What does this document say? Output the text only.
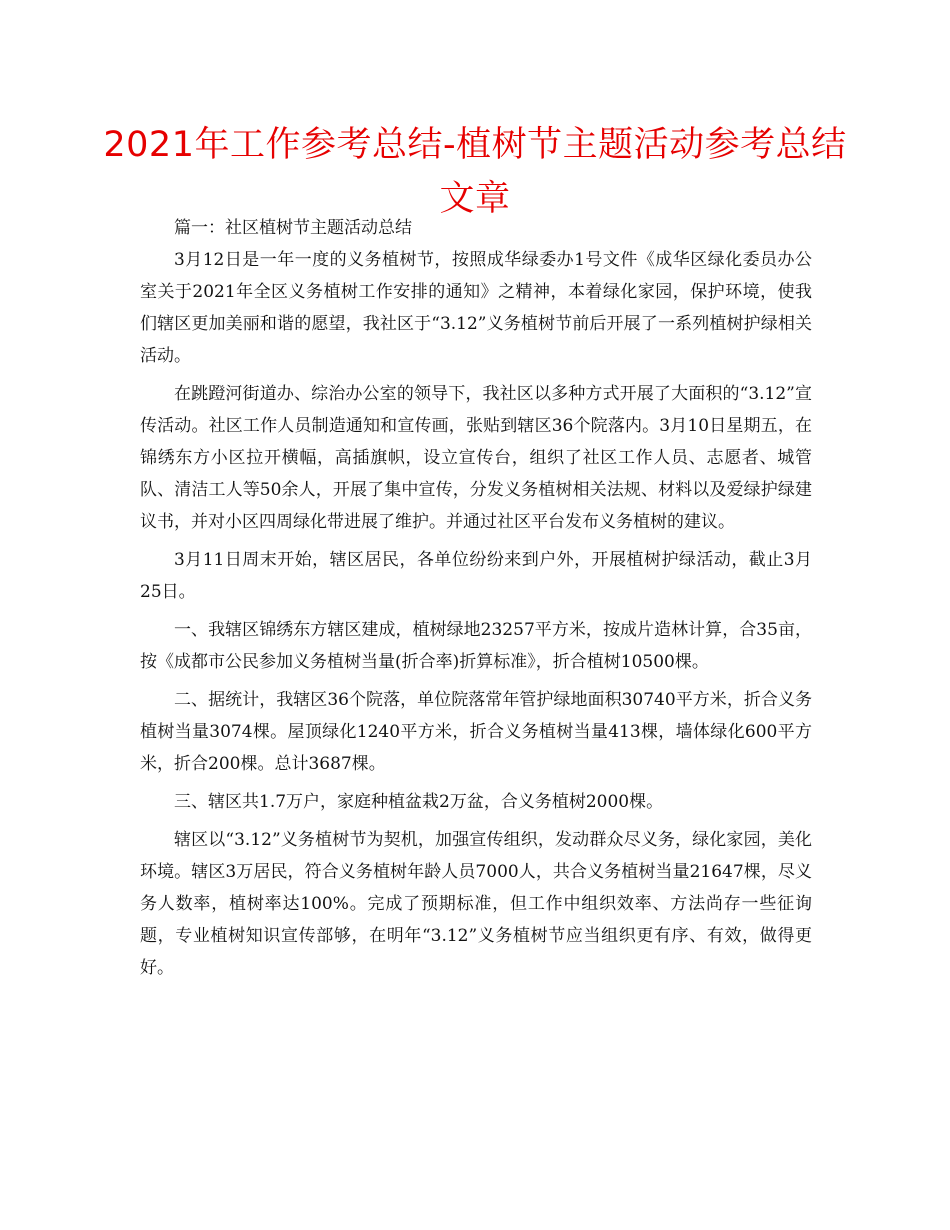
2021年工作参考总结-植树节主题活动参考总结文章

篇一：社区植树节主题活动总结

3月12日是一年一度的义务植树节，按照成华绿委办1号文件《成华区绿化委员办公室关于2021年全区义务植树工作安排的通知》之精神，本着绿化家园，保护环境，使我们辖区更加美丽和谐的愿望，我社区于“3.12”义务植树节前后开展了一系列植树护绿相关活动。

在跳蹬河街道办、综治办公室的领导下，我社区以多种方式开展了大面积的“3.12”宣传活动。社区工作人员制造通知和宣传画，张贴到辖区36个院落内。3月10日星期五，在锦绣东方小区拉开横幅，高插旗帜，设立宣传台，组织了社区工作人员、志愿者、城管队、清洁工人等50余人，开展了集中宣传，分发义务植树相关法规、材料以及爱绿护绿建议书，并对小区四周绿化带进展了维护。并通过社区平台发布义务植树的建议。

3月11日周末开始，辖区居民，各单位纷纷来到户外，开展植树护绿活动，截止3月25日。

一、我辖区锦绣东方辖区建成，植树绿地23257平方米，按成片造林计算，合35亩，按《成都市公民参加义务植树当量(折合率)折算标准》，折合植树10500棵。

二、据统计，我辖区36个院落，单位院落常年管护绿地面积30740平方米，折合义务植树当量3074棵。屋顶绿化1240平方米，折合义务植树当量413棵，墙体绿化600平方米，折合200棵。总计3687棵。

三、辖区共1.7万户，家庭种植盆栽2万盆，合义务植树2000棵。

辖区以“3.12”义务植树节为契机，加强宣传组织，发动群众尽义务，绿化家园，美化环境。辖区3万居民，符合义务植树年龄人员7000人，共合义务植树当量21647棵，尽义务人数率，植树率达100%。完成了预期标准，但工作中组织效率、方法尚存一些征询题，专业植树知识宣传部够，在明年“3.12”义务植树节应当组织更有序、有效，做得更好。
